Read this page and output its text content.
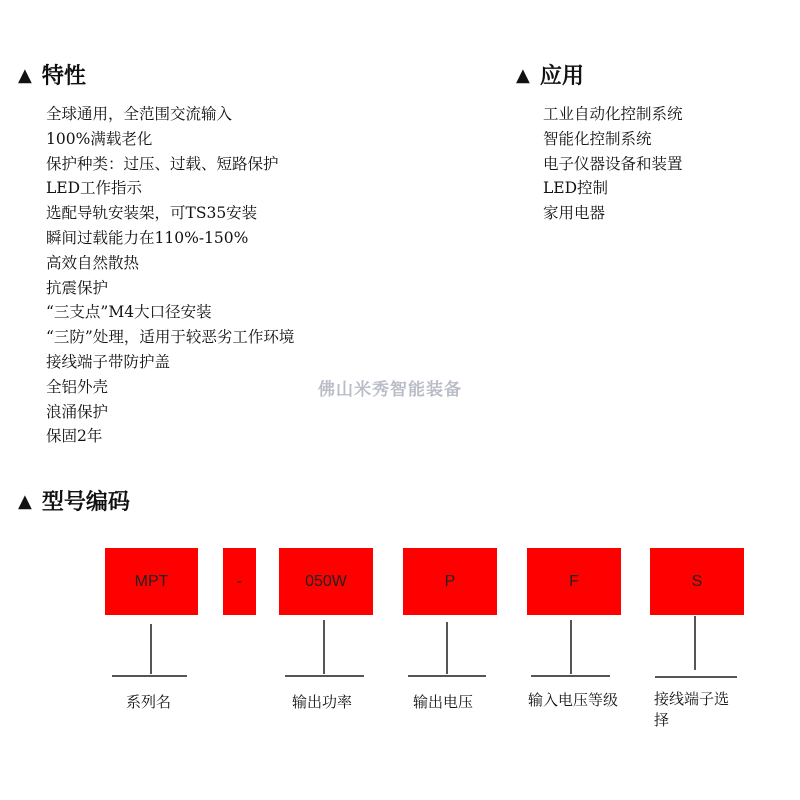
▲ 特性
全球通用，全范围交流输入
100%满载老化
保护种类：过压、过载、短路保护
LED工作指示
选配导轨安装架，可TS35安装
瞬间过载能力在110%-150%
高效自然散热
抗震保护
“三支点”M4大口径安装
“三防”处理，适用于较恶劣工作环境
接线端子带防护盖
全铝外壳
浪涌保护
保固2年
▲ 应用
工业自动化控制系统
智能化控制系统
电子仪器设备和装置
LED控制
家用电器
佛山米秀智能装备
▲ 型号编码
MPT	-	050W	P	F	S
系列名	输出功率	输出电压	输入电压等级 接线端子选择
